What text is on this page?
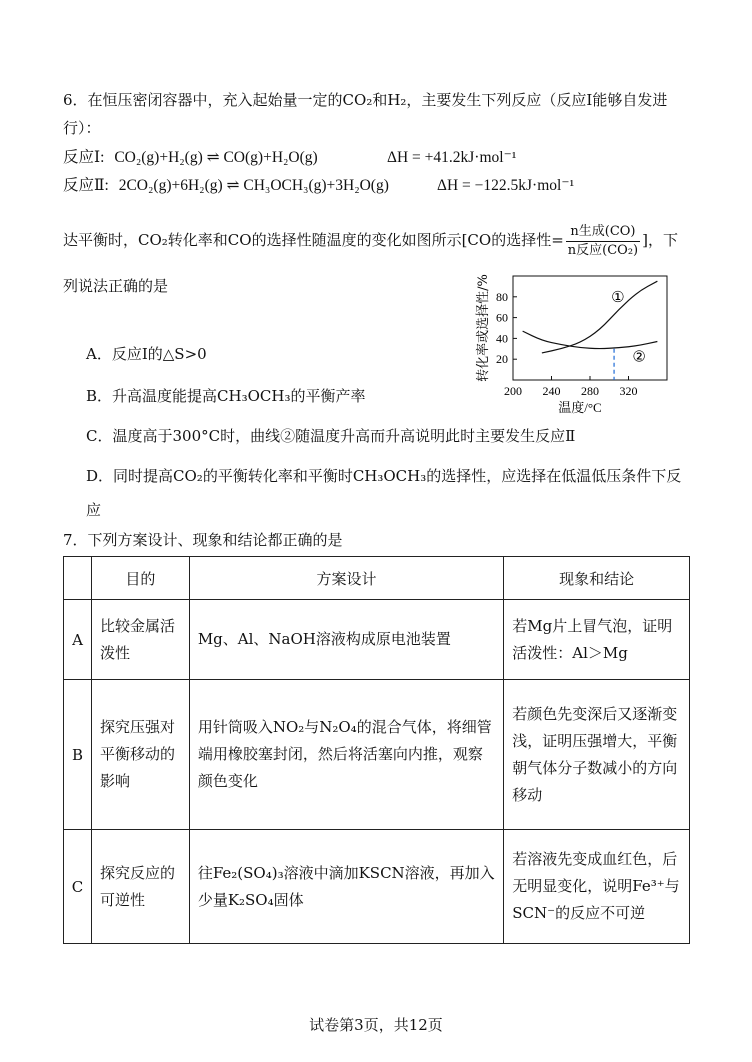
6．在恒压密闭容器中，充入起始量一定的CO₂和H₂，主要发生下列反应（反应Ⅰ能够自发进
行）：
反应Ⅰ: CO₂(g)+H₂(g) ⇌ CO(g)+H₂O(g)	ΔH = +41.2kJ·mol⁻¹
反应Ⅱ: 2CO₂(g)+6H₂(g) ⇌ CH₃OCH₃(g)+3H₂O(g)	ΔH = −122.5kJ·mol⁻¹
达平衡时，CO₂转化率和CO的选择性随温度的变化如图所示[CO的选择性= $\frac{\text{n生成(CO)}}{\text{n反应(CO₂)}}$ ]，下
列说法正确的是
A．反应Ⅰ的△S>0
B．升高温度能提高CH₃OCH₃的平衡产率
C．温度高于300°C时，曲线②随温度升高而升高说明此时主要发生反应Ⅱ
D．同时提高CO₂的平衡转化率和平衡时CH₃OCH₃的选择性，应选择在低温低压条件下反
应
200 240 280 320
20
40
60
80
温度/°C
转化率或选择性/%	①
②
7．下列方案设计、现象和结论都正确的是
	目的	方案设计	现象和结论
A	比较金属活泼性	Mg、Al、NaOH溶液构成原电池装置	若Mg片上冒气泡，证明活泼性：Al＞Mg
B	探究压强对平衡移动的影响	用针筒吸入NO₂与N₂O₄的混合气体，将细管端用橡胶塞封闭，然后将活塞向内推，观察颜色变化	若颜色先变深后又逐渐变浅，证明压强增大，平衡朝气体分子数减小的方向移动
C	探究反应的可逆性	往Fe₂(SO₄)₃溶液中滴加KSCN溶液，再加入少量K₂SO₄固体	若溶液先变成血红色，后无明显变化，说明Fe³⁺与SCN⁻的反应不可逆
试卷第3页，共12页
